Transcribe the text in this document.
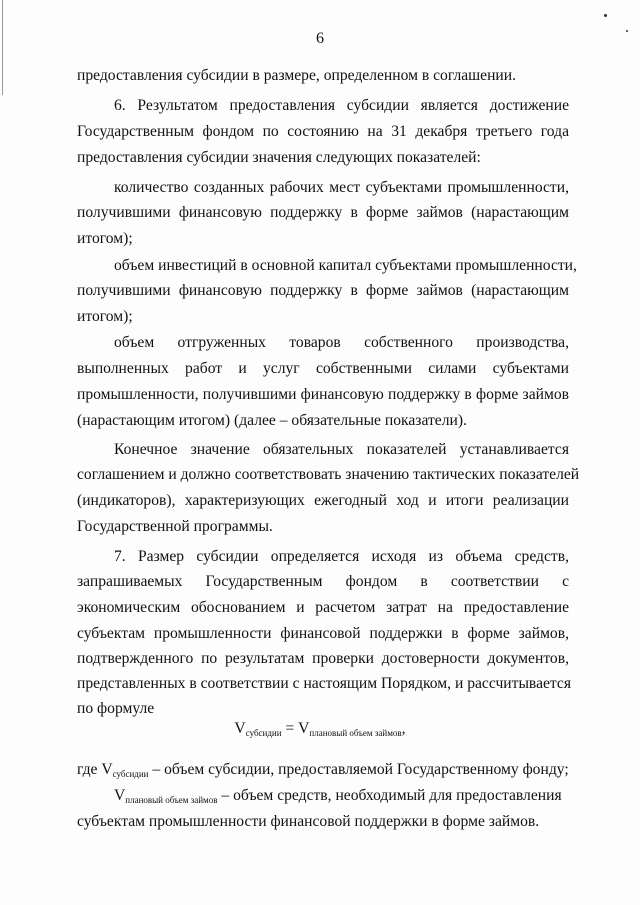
6
предоставления субсидии в размере, определенном в соглашении.
6. Результатом предоставления субсидии является достижение
Государственным фондом по состоянию на 31 декабря третьего года
предоставления субсидии значения следующих показателей:
количество созданных рабочих мест субъектами промышленности,
получившими финансовую поддержку в форме займов (нарастающим
итогом);
объем инвестиций в основной капитал субъектами промышленности,
получившими финансовую поддержку в форме займов (нарастающим
итогом);
объем отгруженных товаров собственного производства,
выполненных работ и услуг собственными силами субъектами
промышленности, получившими финансовую поддержку в форме займов
(нарастающим итогом) (далее – обязательные показатели).
Конечное значение обязательных показателей устанавливается
соглашением и должно соответствовать значению тактических показателей
(индикаторов), характеризующих ежегодный ход и итоги реализации
Государственной программы.
7. Размер субсидии определяется исходя из объема средств,
запрашиваемых Государственным фондом в соответствии с
экономическим обоснованием и расчетом затрат на предоставление
субъектам промышленности финансовой поддержки в форме займов,
подтвержденного по результатам проверки достоверности документов,
представленных в соответствии с настоящим Порядком, и рассчитывается
по формуле
$V_{субсидии} = V_{плановый объем займов}$,
где $V_{субсидии}$ – объем субсидии, предоставляемой Государственному фонду;
$V_{плановый объем займов}$ – объем средств, необходимый для предоставления
субъектам промышленности финансовой поддержки в форме займов.
